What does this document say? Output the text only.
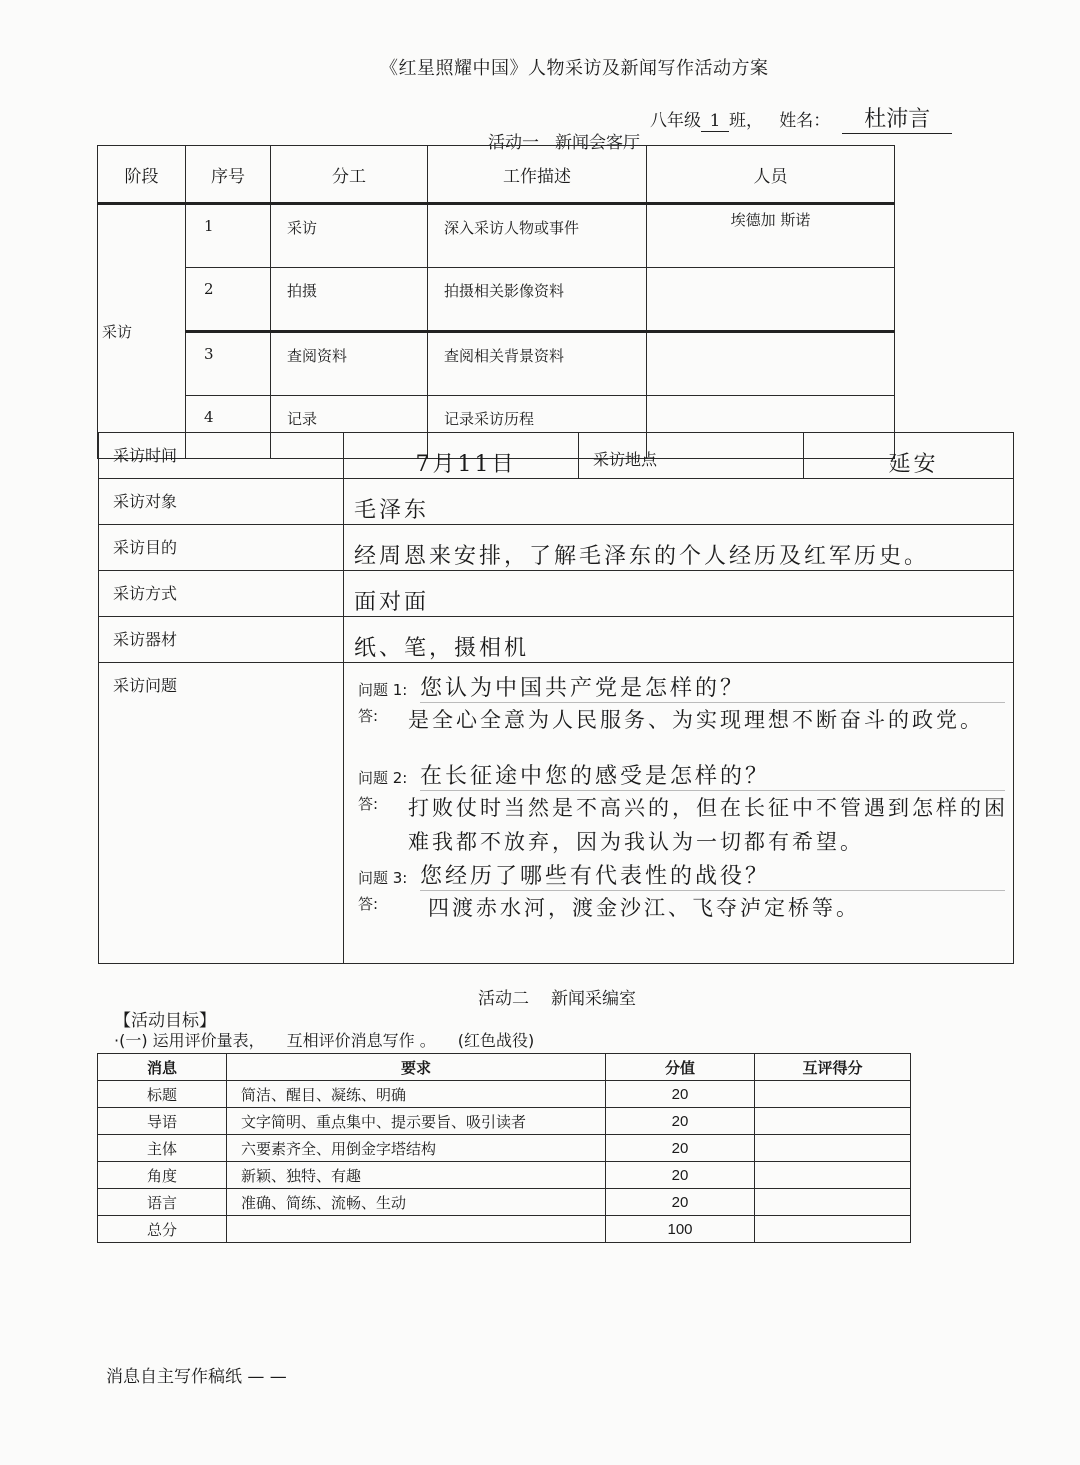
《红星照耀中国》人物采访及新闻写作活动方案
八年级 1 班， 姓名： 杜沛言
活动一 新闻会客厅
阶段	序号	分工	工作描述	人员
采访	1	采访	深入采访人物或事件	埃德加 斯诺
	2	拍摄	拍摄相关影像资料	
	3	查阅资料	查阅相关背景资料	
	4	记录	记录采访历程	
采访时间	7月11日	采访地点	延安
采访对象	毛泽东		
采访目的	经周恩来安排，了解毛泽东的个人经历及红军历史。		
采访方式	面对面		
采访器材	纸、笔，摄相机		
采访问题	问题 1: 您认为中国共产党是怎样的？
答:	是全心全意为人民服务、为实现理想不断奋斗的政党。
问题 2: 在长征途中您的感受是怎样的？
答:	打败仗时当然是不高兴的，但在长征中不管遇到怎样的困难我都不放弃，因为我认为一切都有希望。
问题 3: 您经历了哪些有代表性的战役？
答:	四渡赤水河，渡金沙江、飞夺泸定桥等。
活动二 新闻采编室
【活动目标】
·(一) 运用评价量表， 互相评价消息写作 。 (红色战役)
消息	要求	分值	互评得分
标题	简洁、醒目、凝练、明确	20	
导语	文字简明、重点集中、提示要旨、吸引读者	20	
主体	六要素齐全、用倒金字塔结构	20	
角度	新颖、独特、有趣	20	
语言	准确、简练、流畅、生动	20	
总分		100	
消息自主写作稿纸 — —
